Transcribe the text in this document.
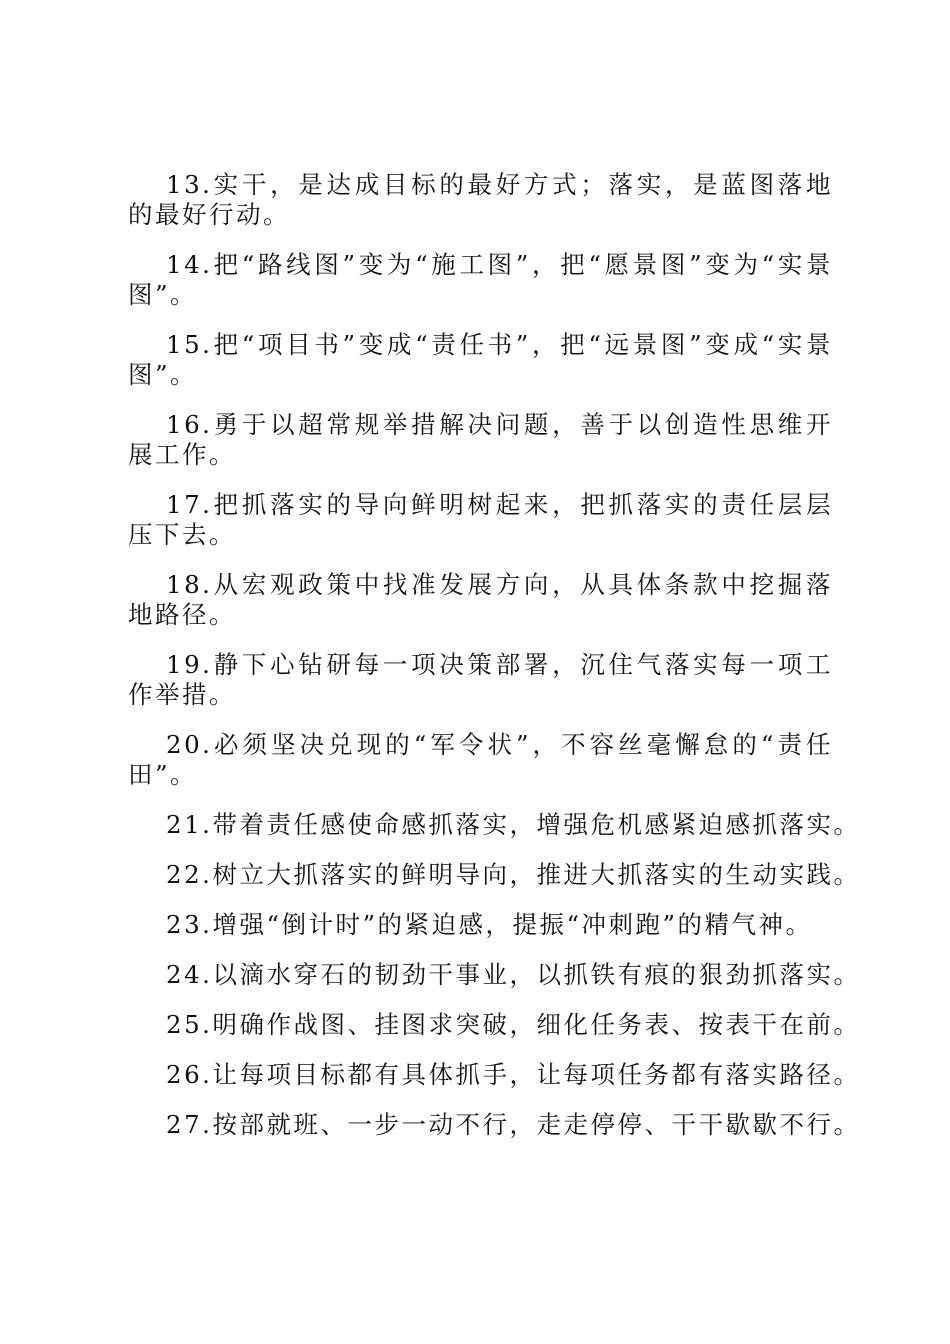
13.实干，是达成目标的最好方式；落实，是蓝图落地的最好行动。

14.把“路线图”变为“施工图”，把“愿景图”变为“实景图”。

15.把“项目书”变成“责任书”，把“远景图”变成“实景图”。

16.勇于以超常规举措解决问题，善于以创造性思维开展工作。

17.把抓落实的导向鲜明树起来，把抓落实的责任层层压下去。

18.从宏观政策中找准发展方向，从具体条款中挖掘落地路径。

19.静下心钻研每一项决策部署，沉住气落实每一项工作举措。

20.必须坚决兑现的“军令状”，不容丝毫懈怠的“责任田”。

21.带着责任感使命感抓落实，增强危机感紧迫感抓落实。

22.树立大抓落实的鲜明导向，推进大抓落实的生动实践。

23.增强“倒计时”的紧迫感，提振“冲刺跑”的精气神。

24.以滴水穿石的韧劲干事业，以抓铁有痕的狠劲抓落实。

25.明确作战图、挂图求突破，细化任务表、按表干在前。

26.让每项目标都有具体抓手，让每项任务都有落实路径。

27.按部就班、一步一动不行，走走停停、干干歇歇不行。
